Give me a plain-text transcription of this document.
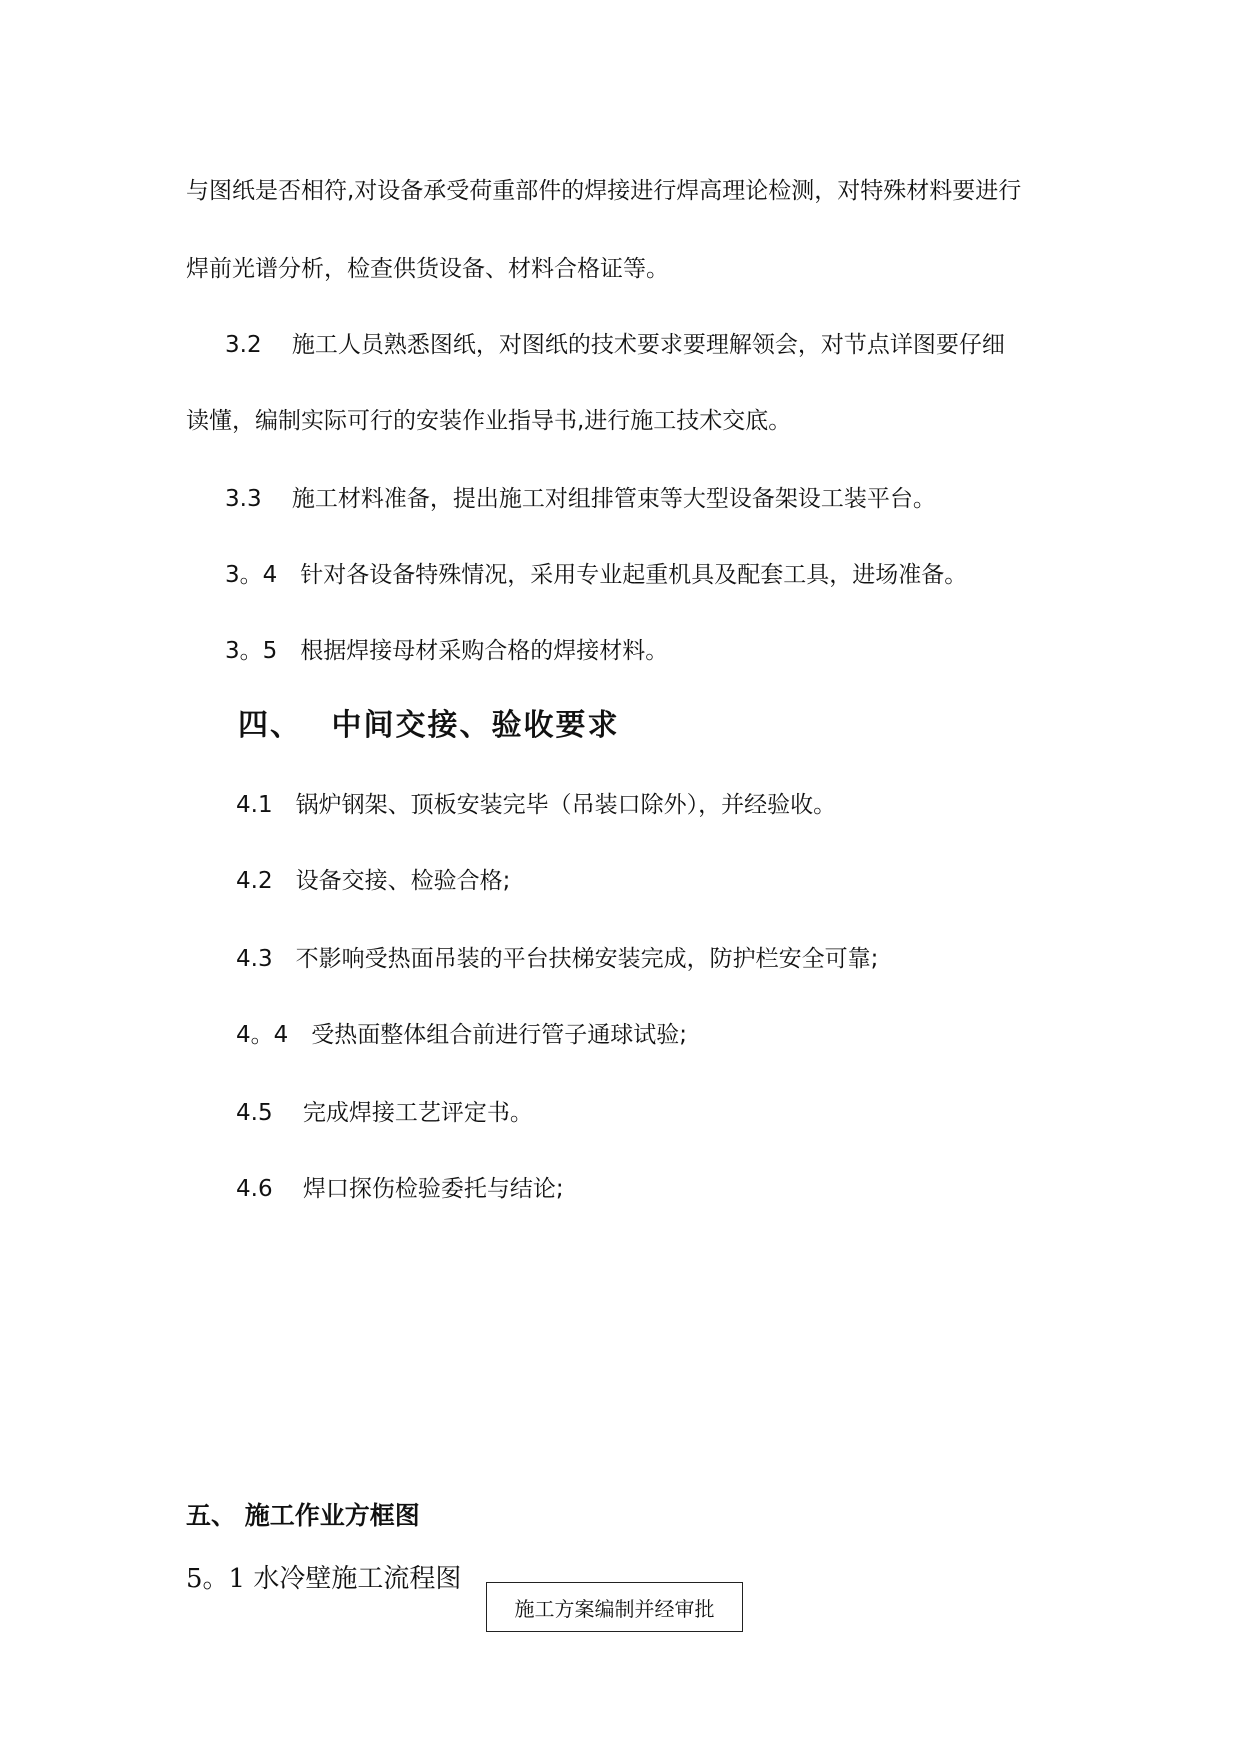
与图纸是否相符,对设备承受荷重部件的焊接进行焊高理论检测，对特殊材料要进行

焊前光谱分析，检查供货设备、材料合格证等。

3.2　 施工人员熟悉图纸，对图纸的技术要求要理解领会，对节点详图要仔细

读懂，编制实际可行的安装作业指导书,进行施工技术交底。

3.3　 施工材料准备，提出施工对组排管束等大型设备架设工装平台。

3。4　针对各设备特殊情况，采用专业起重机具及配套工具，进场准备。

3。5　根据焊接母材采购合格的焊接材料。

四、　 中间交接、验收要求

4.1　锅炉钢架、顶板安装完毕（吊装口除外），并经验收。

4.2　设备交接、检验合格;

4.3　不影响受热面吊装的平台扶梯安装完成，防护栏安全可靠;

4。4　受热面整体组合前进行管子通球试验;

4.5　 完成焊接工艺评定书。

4.6　 焊口探伤检验委托与结论;

五、 施工作业方框图

5。1 水冷壁施工流程图

施工方案编制并经审批
